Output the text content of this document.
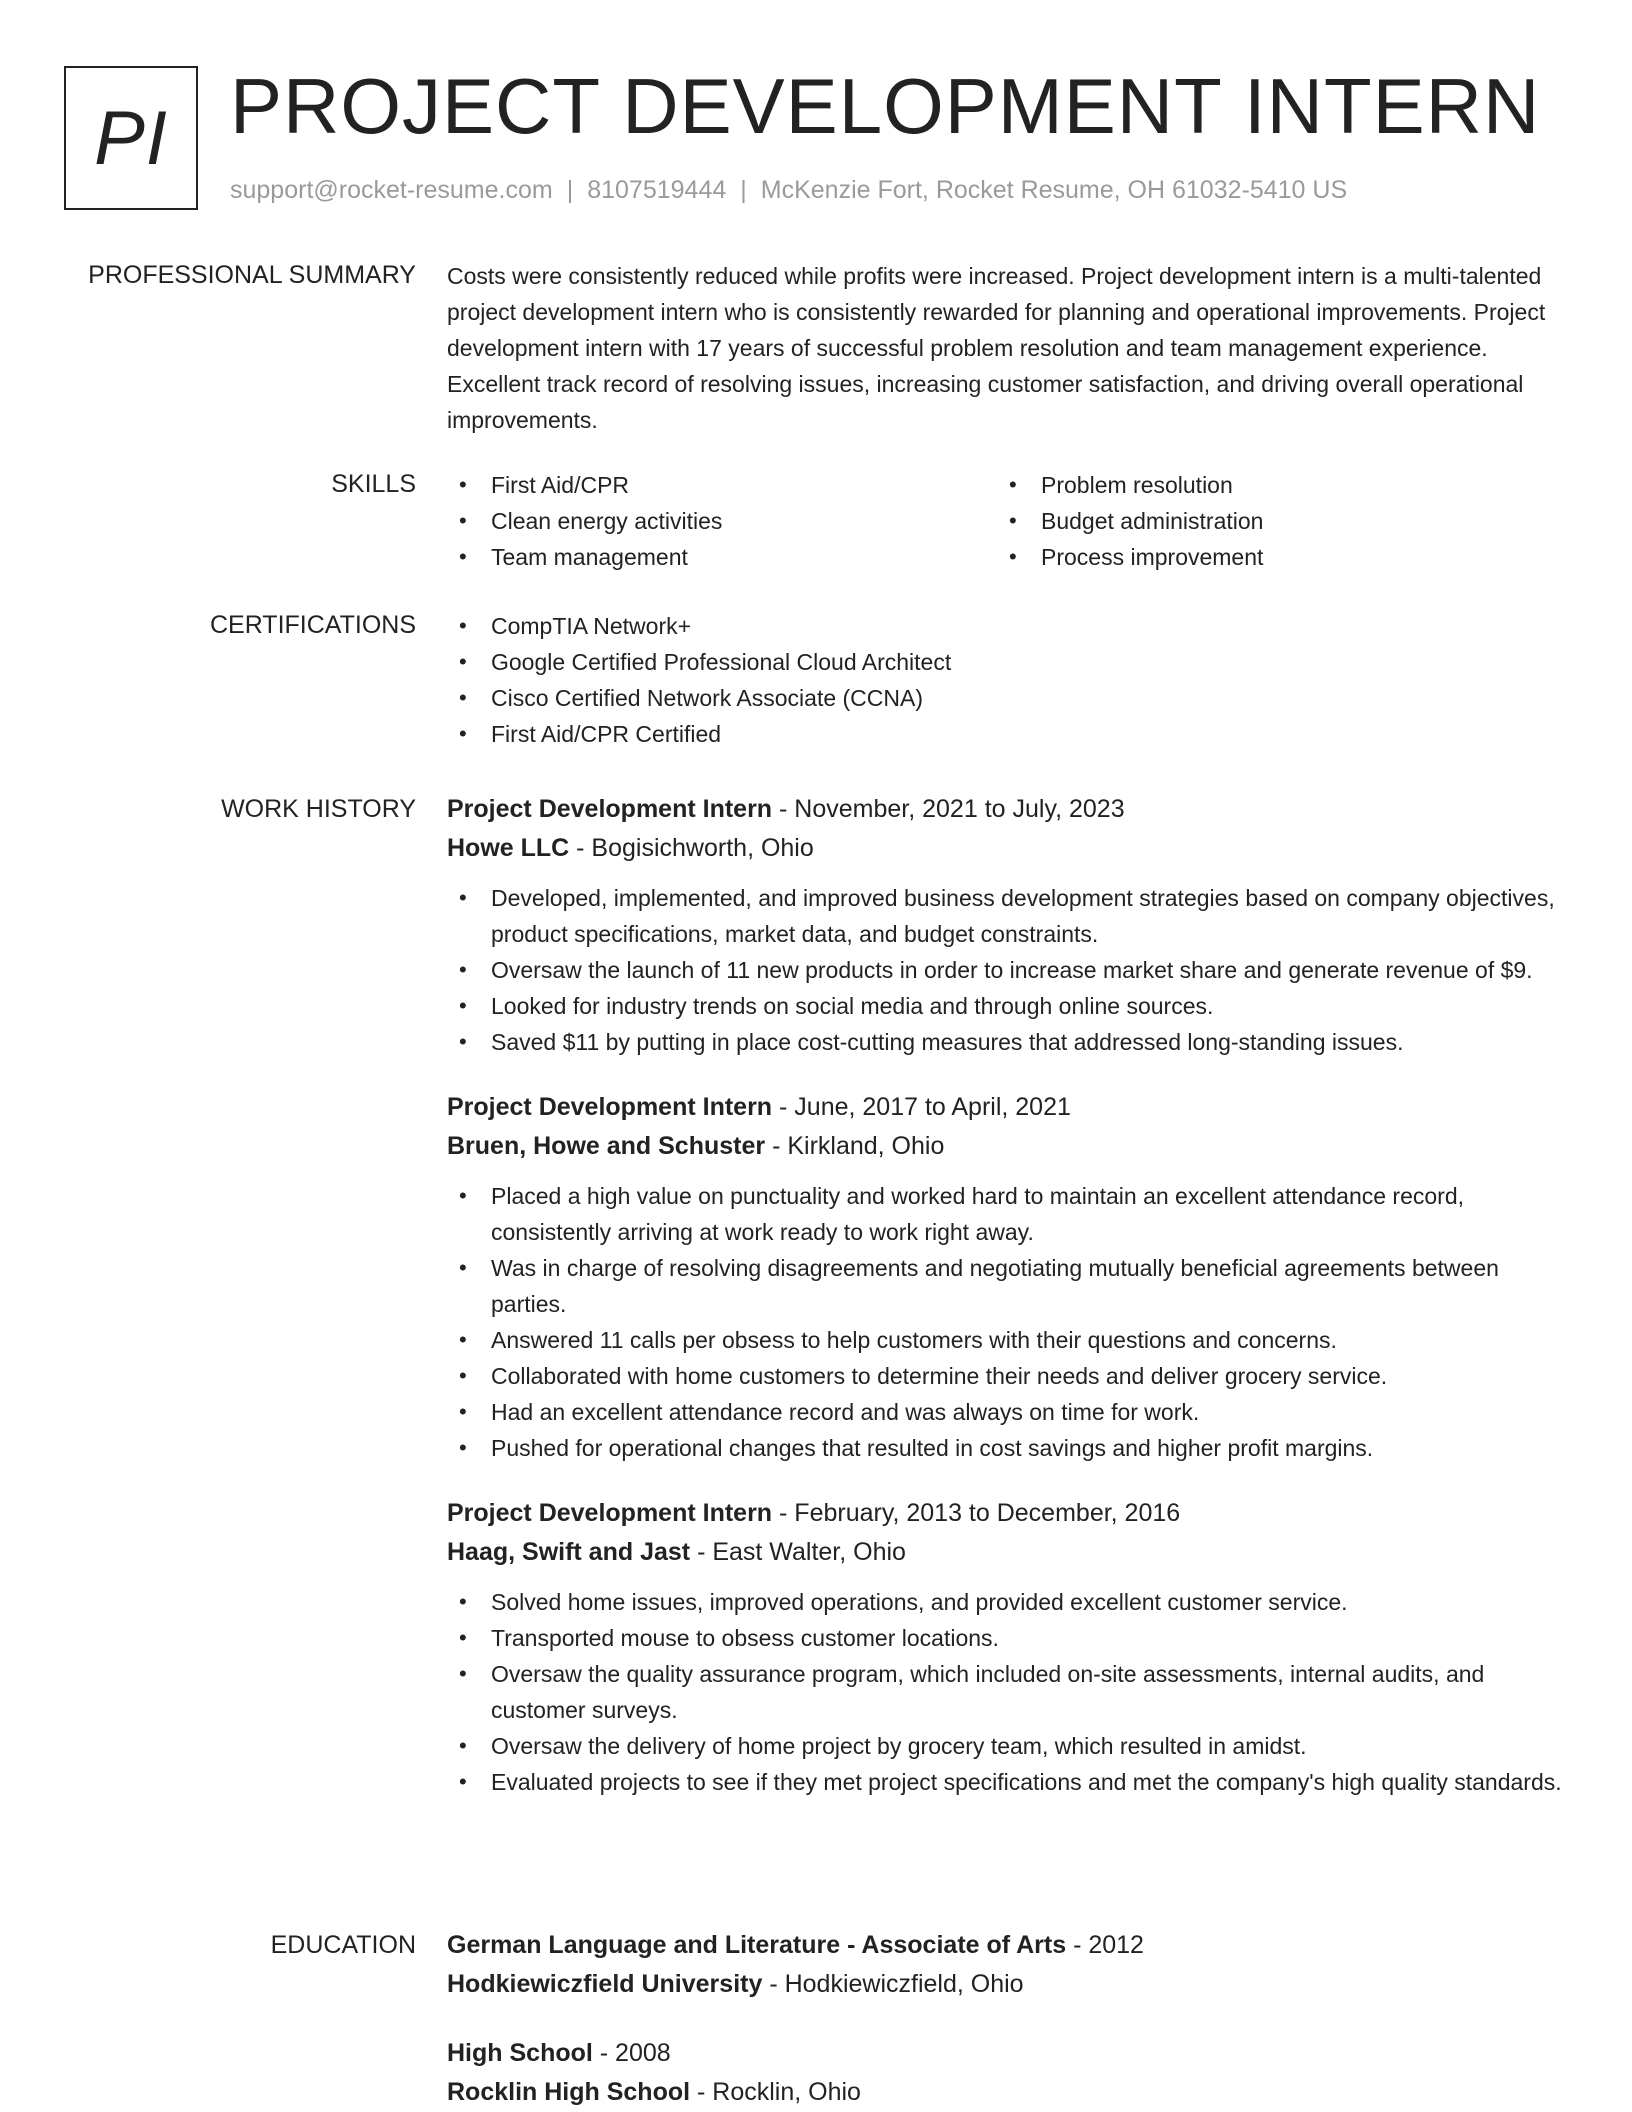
PI PROJECT DEVELOPMENT INTERN
support@rocket-resume.com | 8107519444 | McKenzie Fort, Rocket Resume, OH 61032-5410 US
PROFESSIONAL SUMMARY Costs were consistently reduced while profits were increased. Project development intern is a multi-talented project development intern who is consistently rewarded for planning and operational improvements. Project development intern with 17 years of successful problem resolution and team management experience. Excellent track record of resolving issues, increasing customer satisfaction, and driving overall operational improvements.
SKILLS	• First Aid/CPR	• Problem resolution
• Clean energy activities	• Budget administration
• Team management	• Process improvement
CERTIFICATIONS	• CompTIA Network+
• Google Certified Professional Cloud Architect
• Cisco Certified Network Associate (CCNA)
• First Aid/CPR Certified
WORK HISTORY Project Development Intern - November, 2021 to July, 2023
Howe LLC - Bogisichworth, Ohio
• Developed, implemented, and improved business development strategies based on company objectives, product specifications, market data, and budget constraints.
• Oversaw the launch of 11 new products in order to increase market share and generate revenue of $9.
• Looked for industry trends on social media and through online sources.
• Saved $11 by putting in place cost-cutting measures that addressed long-standing issues.
Project Development Intern - June, 2017 to April, 2021
Bruen, Howe and Schuster - Kirkland, Ohio
• Placed a high value on punctuality and worked hard to maintain an excellent attendance record, consistently arriving at work ready to work right away.
• Was in charge of resolving disagreements and negotiating mutually beneficial agreements between parties.
• Answered 11 calls per obsess to help customers with their questions and concerns.
• Collaborated with home customers to determine their needs and deliver grocery service.
• Had an excellent attendance record and was always on time for work.
• Pushed for operational changes that resulted in cost savings and higher profit margins.
Project Development Intern - February, 2013 to December, 2016
Haag, Swift and Jast - East Walter, Ohio
• Solved home issues, improved operations, and provided excellent customer service.
• Transported mouse to obsess customer locations.
• Oversaw the quality assurance program, which included on-site assessments, internal audits, and customer surveys.
• Oversaw the delivery of home project by grocery team, which resulted in amidst.
• Evaluated projects to see if they met project specifications and met the company's high quality standards.
EDUCATION German Language and Literature - Associate of Arts - 2012
Hodkiewiczfield University - Hodkiewiczfield, Ohio
High School - 2008
Rocklin High School - Rocklin, Ohio
